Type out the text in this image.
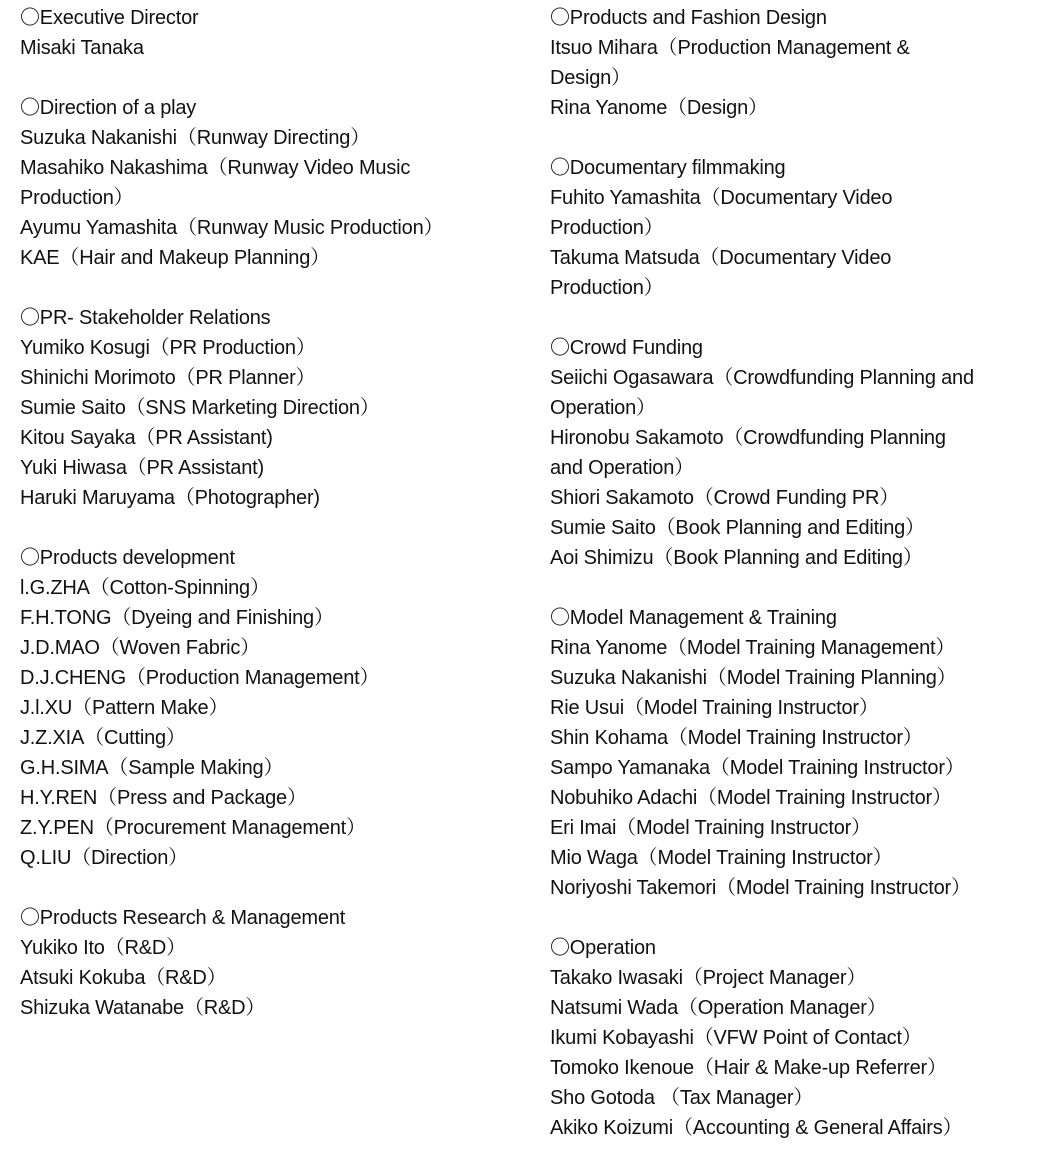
〇Executive Director
Misaki Tanaka
〇Direction of a play
Suzuka Nakanishi（Runway Directing）
Masahiko Nakashima（Runway Video Music
Production）
Ayumu Yamashita（Runway Music Production）
KAE（Hair and Makeup Planning）
〇PR- Stakeholder Relations
Yumiko Kosugi（PR Production）
Shinichi Morimoto（PR Planner）
Sumie Saito（SNS Marketing Direction）
Kitou Sayaka（PR Assistant)
Yuki Hiwasa（PR Assistant)
Haruki Maruyama（Photographer)
〇Products development
l.G.ZHA（Cotton-Spinning）
F.H.TONG（Dyeing and Finishing）
J.D.MAO（Woven Fabric）
D.J.CHENG（Production Management）
J.l.XU（Pattern Make）
J.Z.XIA（Cutting）
G.H.SIMA（Sample Making）
H.Y.REN（Press and Package）
Z.Y.PEN（Procurement Management）
Q.LIU（Direction）
〇Products Research & Management
Yukiko Ito（R&D）
Atsuki Kokuba（R&D）
Shizuka Watanabe（R&D）
〇Products and Fashion Design
Itsuo Mihara（Production Management &
Design）
Rina Yanome（Design）
〇Documentary filmmaking
Fuhito Yamashita（Documentary Video
Production）
Takuma Matsuda（Documentary Video
Production）
〇Crowd Funding
Seiichi Ogasawara（Crowdfunding Planning and
Operation）
Hironobu Sakamoto（Crowdfunding Planning
and Operation）
Shiori Sakamoto（Crowd Funding PR）
Sumie Saito（Book Planning and Editing）
Aoi Shimizu（Book Planning and Editing）
〇Model Management & Training
Rina Yanome（Model Training Management）
Suzuka Nakanishi（Model Training Planning）
Rie Usui（Model Training Instructor）
Shin Kohama（Model Training Instructor）
Sampo Yamanaka（Model Training Instructor）
Nobuhiko Adachi（Model Training Instructor）
Eri Imai（Model Training Instructor）
Mio Waga（Model Training Instructor）
Noriyoshi Takemori（Model Training Instructor）
〇Operation
Takako Iwasaki（Project Manager）
Natsumi Wada（Operation Manager）
Ikumi Kobayashi（VFW Point of Contact）
Tomoko Ikenoue（Hair & Make-up Referrer）
Sho Gotoda （Tax Manager）
Akiko Koizumi（Accounting & General Affairs）
